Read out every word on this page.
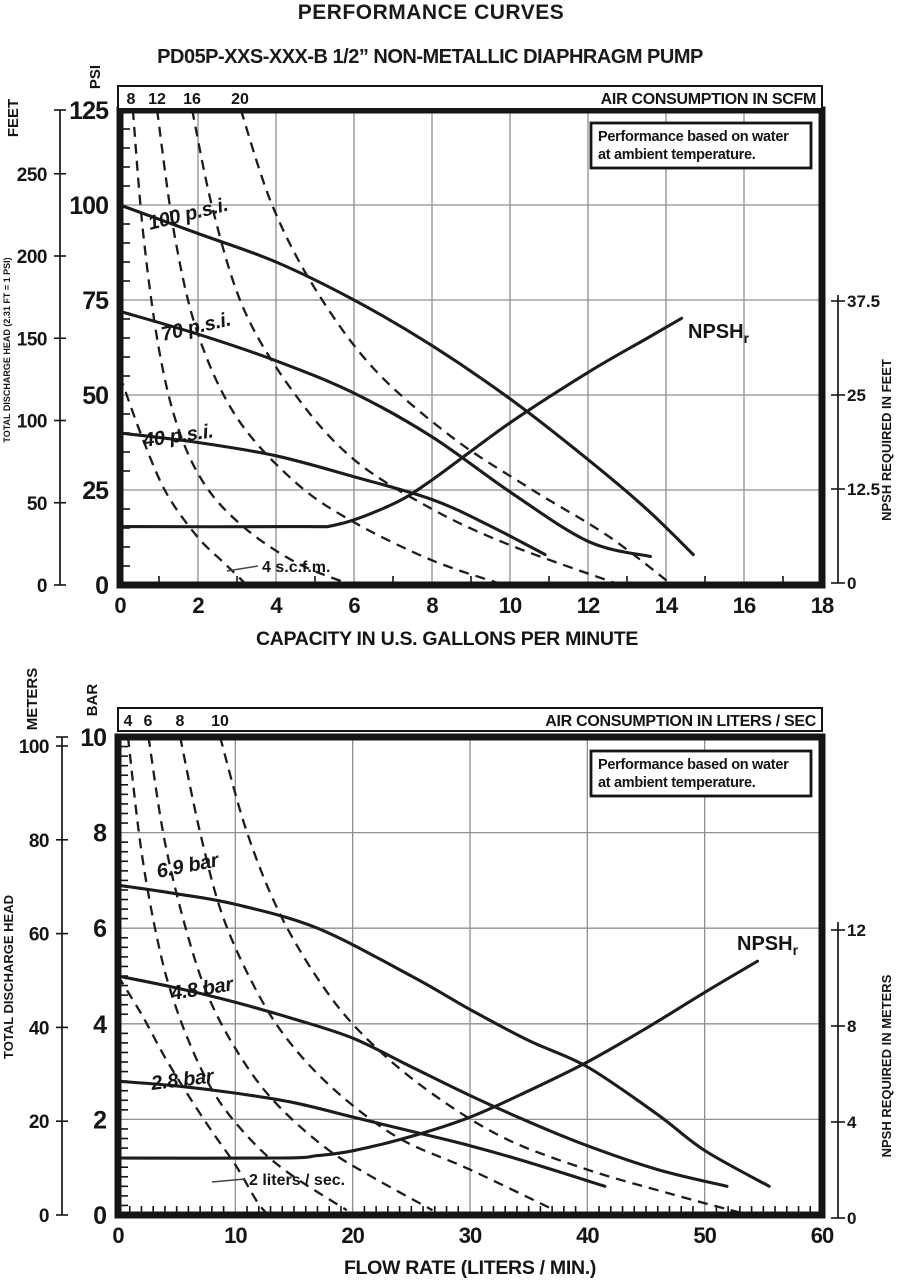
PERFORMANCE CURVES
PD05P-XXS-XXX-B 1/2” NON-METALLIC DIAPHRAGM PUMP
Performance based on water
at ambient temperature.
8 12 16 20	AIR CONSUMPTION IN SCFM
0	2	4	6	8	10	12	14	16	18
CAPACITY IN U.S. GALLONS PER MINUTE
0
25
50
75
100
125
PSI
0
50
100
150
200
250
FEET
TOTAL DISCHARGE HEAD (2.31 FT = 1 PSI)
0
12.5
25
37.5
NPSH REQUIRED IN FEET
100 p.s.i.
70 p.s.i.
40 p.s.i.
4 s.c.f.m.
$NPSH_r$
Performance based on water
at ambient temperature.
4 6 8 10	AIR CONSUMPTION IN LITERS / SEC
0	10	20	30	40	50	60
FLOW RATE (LITERS / MIN.)
0
2
4
6
8
10
BAR
0
20
40
60
80
100
METERS
TOTAL DISCHARGE HEAD
0
4
8
12
NPSH REQUIRED IN METERS
6.9 bar
4.8 bar
2.8 bar
2 liters / sec.
$NPSH_r$
